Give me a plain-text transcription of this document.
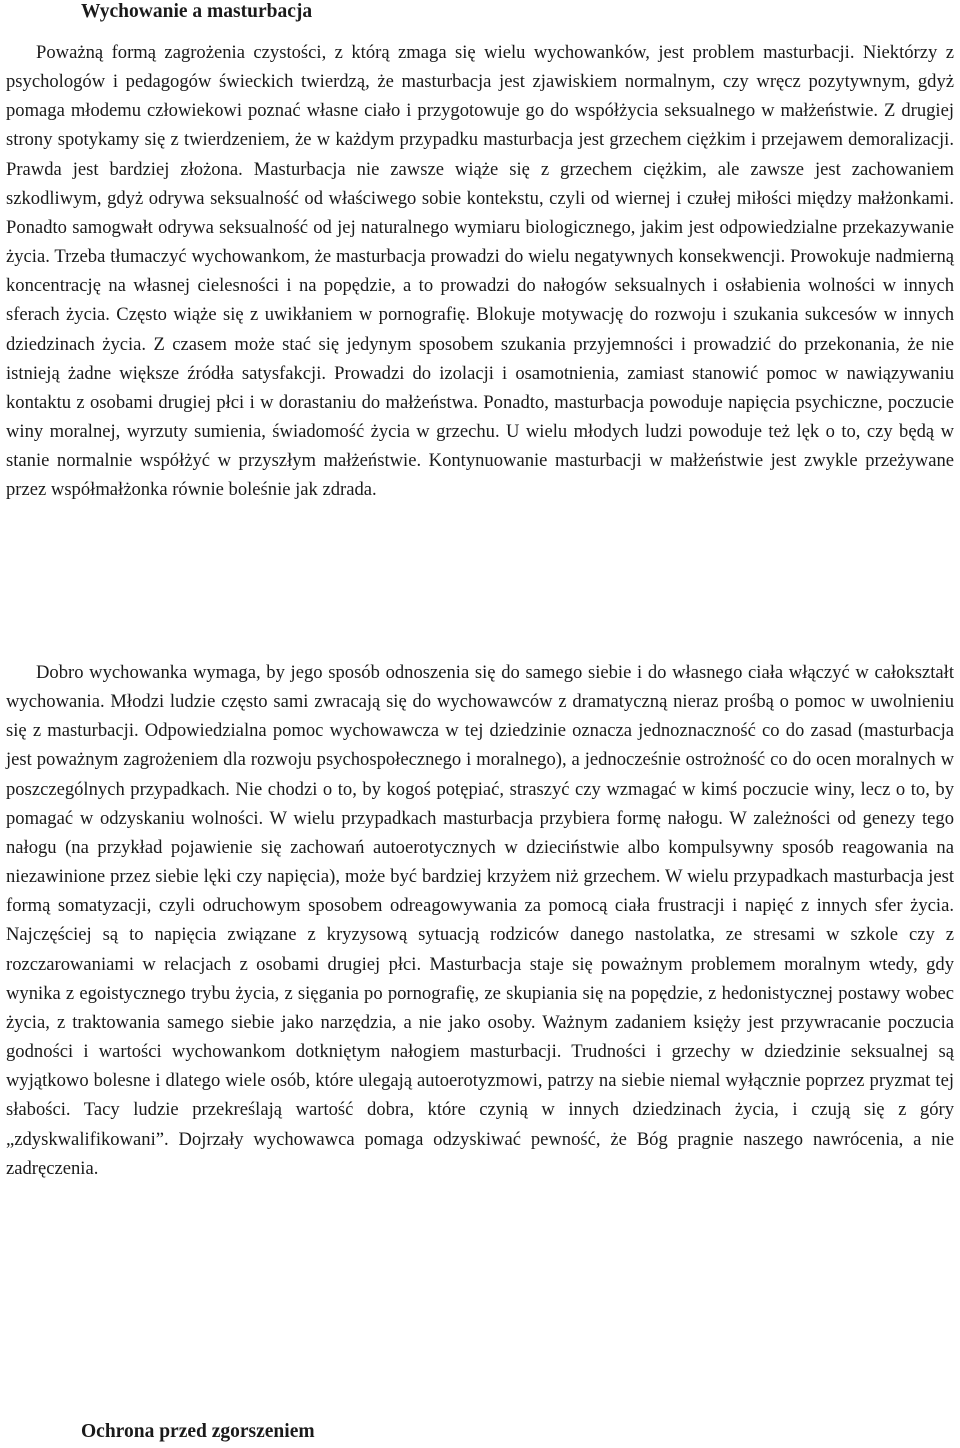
Wychowanie a masturbacja

Poważną formą zagrożenia czystości, z którą zmaga się wielu wychowanków, jest problem masturbacji. Niektórzy z psychologów i pedagogów świeckich twierdzą, że masturbacja jest zjawiskiem normalnym, czy wręcz pozytywnym, gdyż pomaga młodemu człowiekowi poznać własne ciało i przygotowuje go do współżycia seksualnego w małżeństwie. Z drugiej strony spotykamy się z twierdzeniem, że w każdym przypadku masturbacja jest grzechem ciężkim i przejawem demoralizacji. Prawda jest bardziej złożona. Masturbacja nie zawsze wiąże się z grzechem ciężkim, ale zawsze jest zachowaniem szkodliwym, gdyż odrywa seksualność od właściwego sobie kontekstu, czyli od wiernej i czułej miłości między małżonkami. Ponadto samogwałt odrywa seksualność od jej naturalnego wymiaru biologicznego, jakim jest odpowiedzialne przekazywanie życia. Trzeba tłumaczyć wychowankom, że masturbacja prowadzi do wielu negatywnych konsekwencji. Prowokuje nadmierną koncentrację na własnej cielesności i na popędzie, a to prowadzi do nałogów seksualnych i osłabienia wolności w innych sferach życia. Często wiąże się z uwikłaniem w pornografię. Blokuje motywację do rozwoju i szukania sukcesów w innych dziedzinach życia. Z czasem może stać się jedynym sposobem szukania przyjemności i prowadzić do przekonania, że nie istnieją żadne większe źródła satysfakcji. Prowadzi do izolacji i osamotnienia, zamiast stanowić pomoc w nawiązywaniu kontaktu z osobami drugiej płci i w dorastaniu do małżeństwa. Ponadto, masturbacja powoduje napięcia psychiczne, poczucie winy moralnej, wyrzuty sumienia, świadomość życia w grzechu. U wielu młodych ludzi powoduje też lęk o to, czy będą w stanie normalnie współżyć w przyszłym małżeństwie. Kontynuowanie masturbacji w małżeństwie jest zwykle przeżywane przez współmałżonka równie boleśnie jak zdrada.

Dobro wychowanka wymaga, by jego sposób odnoszenia się do samego siebie i do własnego ciała włączyć w całokształt wychowania. Młodzi ludzie często sami zwracają się do wychowawców z dramatyczną nieraz prośbą o pomoc w uwolnieniu się z masturbacji. Odpowiedzialna pomoc wychowawcza w tej dziedzinie oznacza jednoznaczność co do zasad (masturbacja jest poważnym zagrożeniem dla rozwoju psychospołecznego i moralnego), a jednocześnie ostrożność co do ocen moralnych w poszczególnych przypadkach. Nie chodzi o to, by kogoś potępiać, straszyć czy wzmagać w kimś poczucie winy, lecz o to, by pomagać w odzyskaniu wolności. W wielu przypadkach masturbacja przybiera formę nałogu. W zależności od genezy tego nałogu (na przykład pojawienie się zachowań autoerotycznych w dzieciństwie albo kompulsywny sposób reagowania na niezawinione przez siebie lęki czy napięcia), może być bardziej krzyżem niż grzechem. W wielu przypadkach masturbacja jest formą somatyzacji, czyli odruchowym sposobem odreagowywania za pomocą ciała frustracji i napięć z innych sfer życia. Najczęściej są to napięcia związane z kryzysową sytuacją rodziców danego nastolatka, ze stresami w szkole czy z rozczarowaniami w relacjach z osobami drugiej płci. Masturbacja staje się poważnym problemem moralnym wtedy, gdy wynika z egoistycznego trybu życia, z sięgania po pornografię, ze skupiania się na popędzie, z hedonistycznej postawy wobec życia, z traktowania samego siebie jako narzędzia, a nie jako osoby. Ważnym zadaniem księży jest przywracanie poczucia godności i wartości wychowankom dotkniętym nałogiem masturbacji. Trudności i grzechy w dziedzinie seksualnej są wyjątkowo bolesne i dlatego wiele osób, które ulegają autoerotyzmowi, patrzy na siebie niemal wyłącznie poprzez pryzmat tej słabości. Tacy ludzie przekreślają wartość dobra, które czynią w innych dziedzinach życia, i czują się z góry „zdyskwalifikowani”. Dojrzały wychowawca pomaga odzyskiwać pewność, że Bóg pragnie naszego nawrócenia, a nie zadręczenia.

Ochrona przed zgorszeniem
